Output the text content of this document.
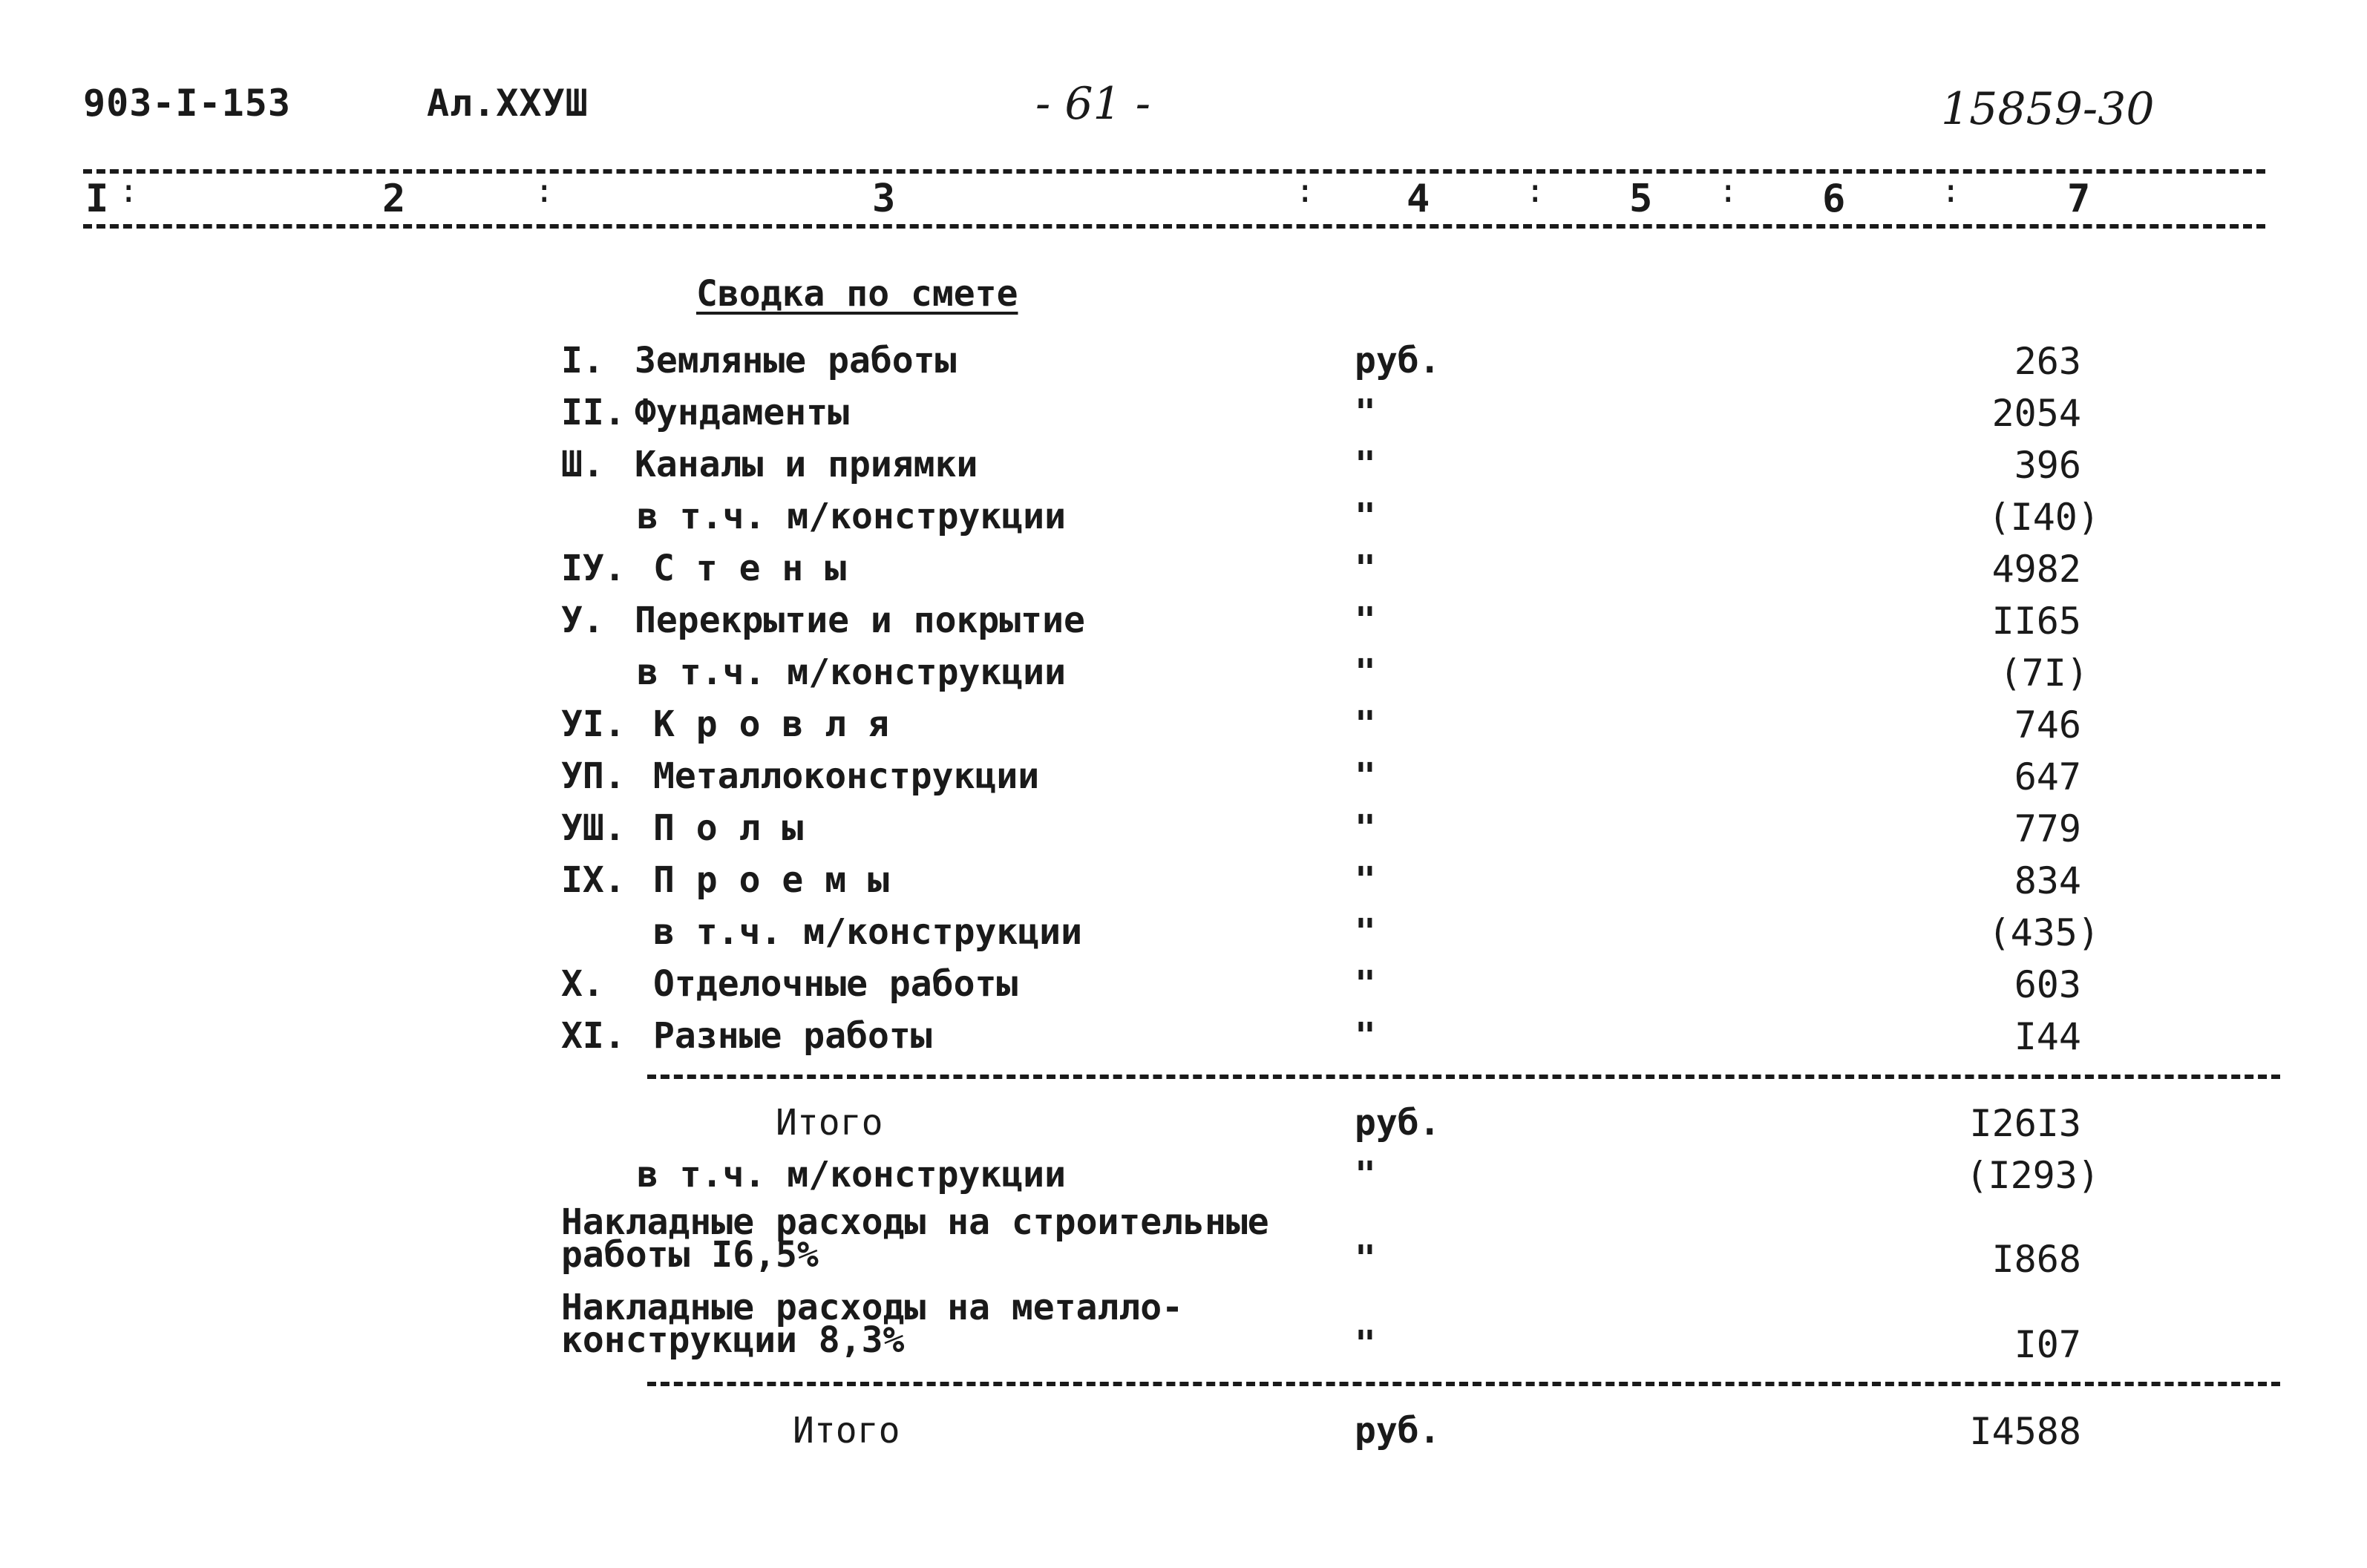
903-I-153	Ал.ХХУШ	- 61 -	15859-30
I	2	3	4	5	6	7
:	:	:	:	:	:
Сводка по смете
I. Земляные работы	руб.	263
II. Фундаменты	"	2054
Ш. Каналы и приямки	"	396
в т.ч. м/конструкции	"	(I40)
IУ. С т е н ы	"	4982
У. Перекрытие и покрытие	"	II65
в т.ч. м/конструкции	"	(7I)
УI. К р о в л я	"	746
УП. Металлоконструкции	"	647
УШ. П о л ы	"	779
IX. П р о е м ы	"	834
в т.ч. м/конструкции	"	(435)
X. Отделочные работы	"	603
XI. Разные работы	"	I44
Итого	руб.	I26I3
в т.ч. м/конструкции	"	(I293)
Накладные расходы на строительные
работы I6,5%	"	I868
Накладные расходы на металло-
конструкции 8,3%	"	I07
Итого	руб.	I4588
